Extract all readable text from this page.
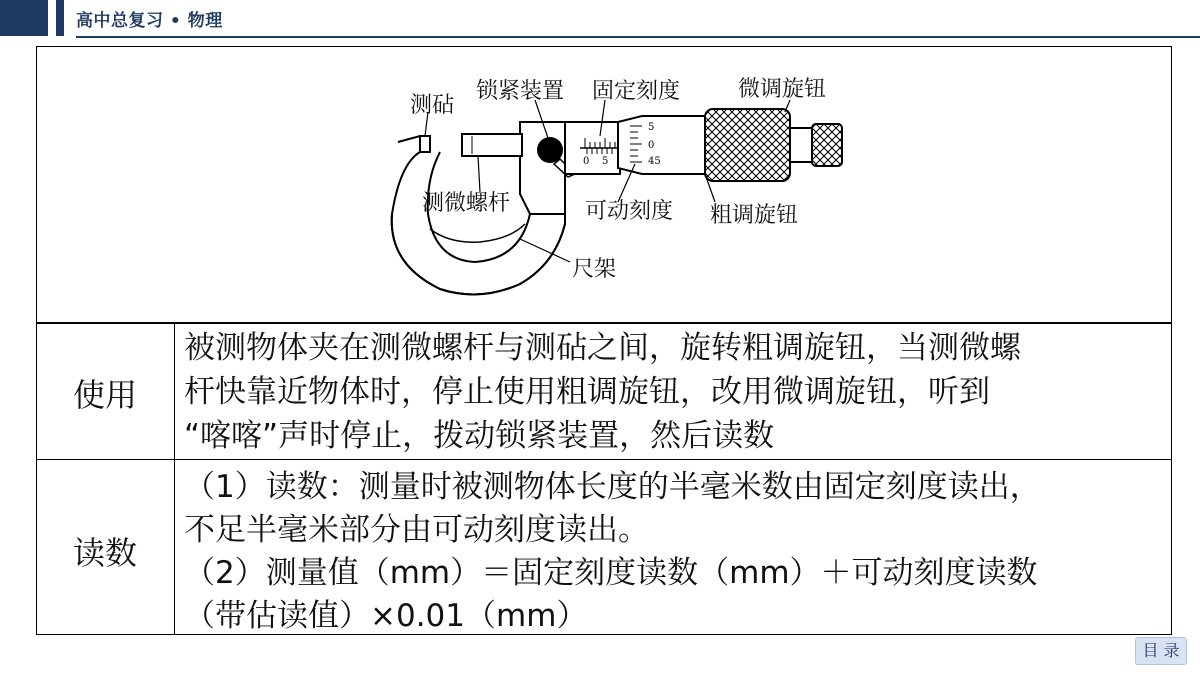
高中总复习 • 物理
0 5
5
0
45
测砧
锁紧装置 固定刻度	微调旋钮
测微螺杆	可动刻度 粗调旋钮
尺架
使用
被测物体夹在测微螺杆与测砧之间，旋转粗调旋钮，当测微螺
杆快靠近物体时，停止使用粗调旋钮，改用微调旋钮，听到
“喀喀”声时停止，拨动锁紧装置，然后读数
读数
（1）读数：测量时被测物体长度的半毫米数由固定刻度读出，
不足半毫米部分由可动刻度读出。
（2）测量值（mm）＝固定刻度读数（mm）＋可动刻度读数
（带估读值）×0.01（mm）
目 录
